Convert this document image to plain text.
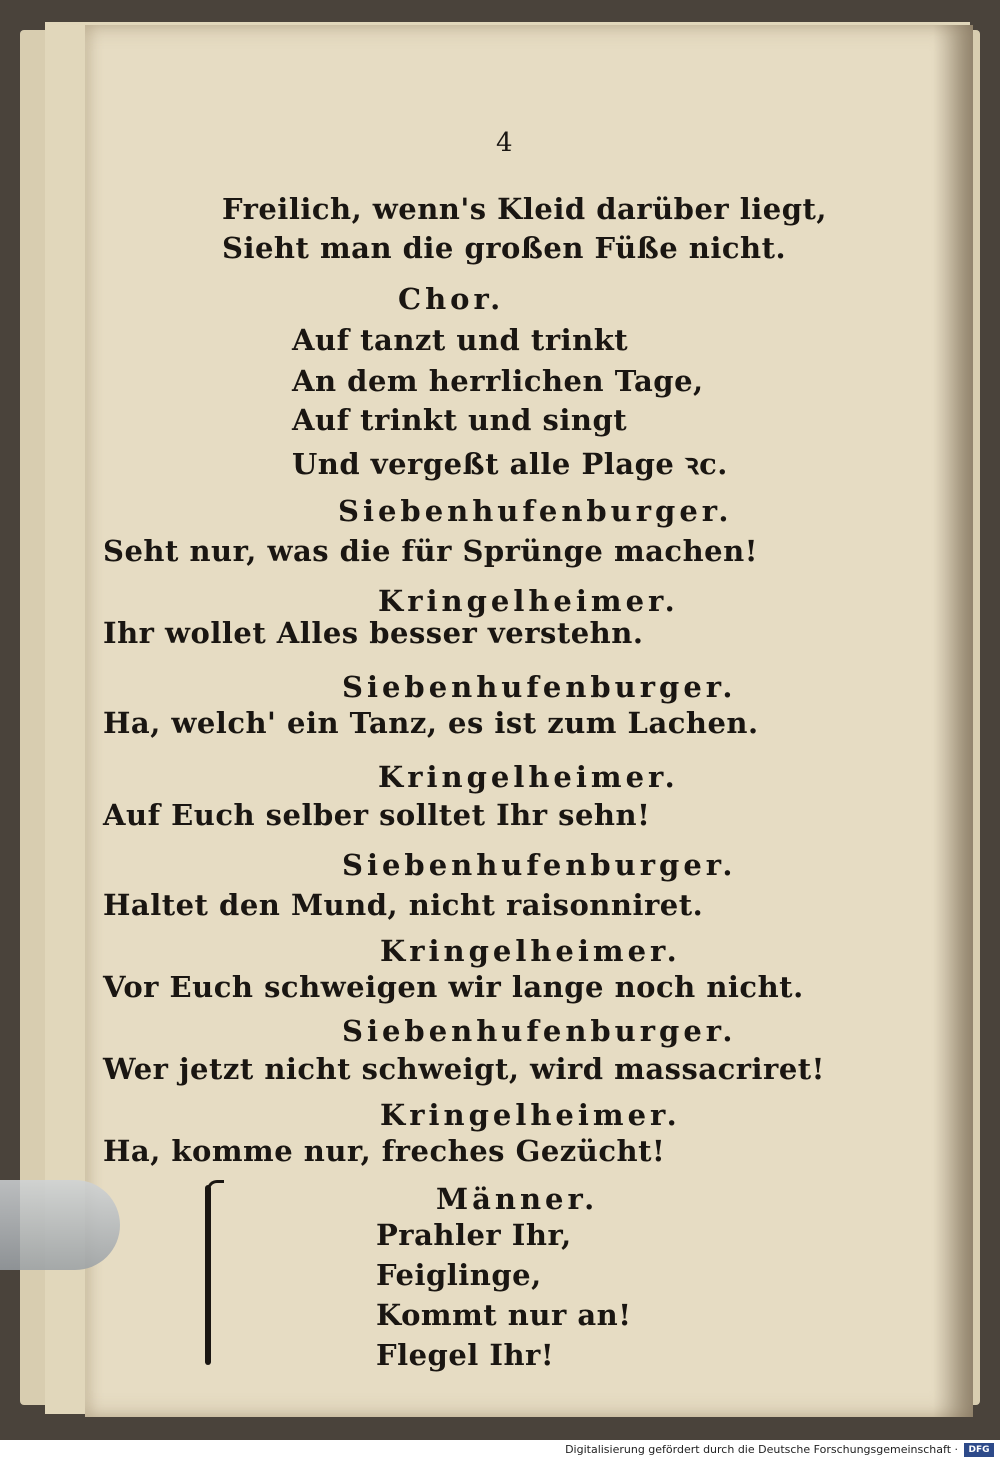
4
Freilich, wenn's Kleid darüber liegt,
Sieht man die großen Füße nicht.
Chor.
Auf tanzt und trinkt
An dem herrlichen Tage,
Auf trinkt und singt
Und vergeßt alle Plage ꝛc.
Siebenhufenburger.
Seht nur, was die für Sprünge machen!
Kringelheimer.
Ihr wollet Alles besser verstehn.
Siebenhufenburger.
Ha, welch' ein Tanz, es ist zum Lachen.
Kringelheimer.
Auf Euch selber solltet Ihr sehn!
Siebenhufenburger.
Haltet den Mund, nicht raisonniret.
Kringelheimer.
Vor Euch schweigen wir lange noch nicht.
Siebenhufenburger.
Wer jetzt nicht schweigt, wird massacriret!
Kringelheimer.
Ha, komme nur, freches Gezücht!
Männer.
Prahler Ihr,
Feiglinge,
Kommt nur an!
Flegel Ihr!
Digitalisierung gefördert durch die Deutsche Forschungsgemeinschaft ·	DFG
